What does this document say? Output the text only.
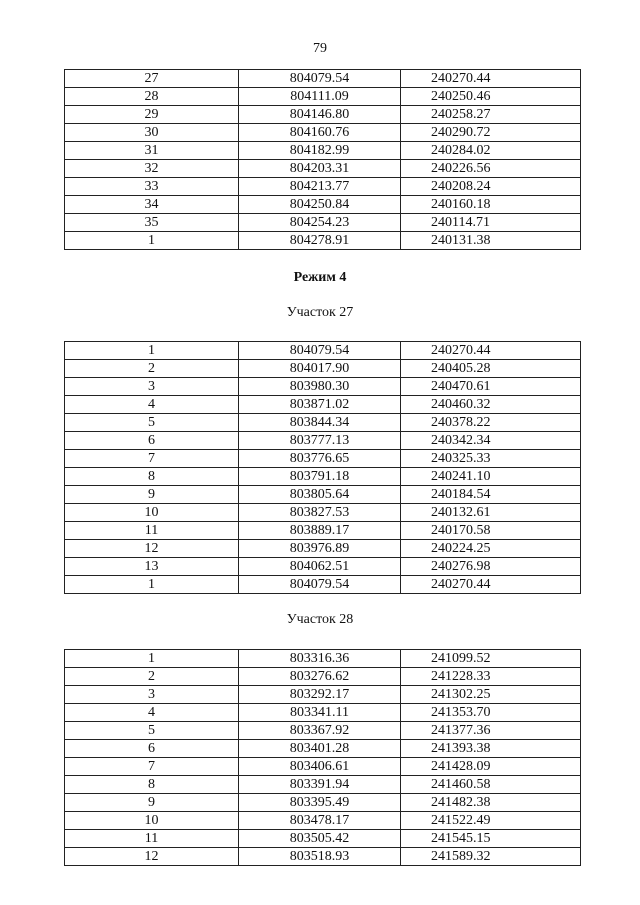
79
27	804079.54	240270.44
28	804111.09	240250.46
29	804146.80	240258.27
30	804160.76	240290.72
31	804182.99	240284.02
32	804203.31	240226.56
33	804213.77	240208.24
34	804250.84	240160.18
35	804254.23	240114.71
1	804278.91	240131.38
Режим 4
Участок 27
1	804079.54	240270.44
2	804017.90	240405.28
3	803980.30	240470.61
4	803871.02	240460.32
5	803844.34	240378.22
6	803777.13	240342.34
7	803776.65	240325.33
8	803791.18	240241.10
9	803805.64	240184.54
10	803827.53	240132.61
11	803889.17	240170.58
12	803976.89	240224.25
13	804062.51	240276.98
1	804079.54	240270.44
Участок 28
1	803316.36	241099.52
2	803276.62	241228.33
3	803292.17	241302.25
4	803341.11	241353.70
5	803367.92	241377.36
6	803401.28	241393.38
7	803406.61	241428.09
8	803391.94	241460.58
9	803395.49	241482.38
10	803478.17	241522.49
11	803505.42	241545.15
12	803518.93	241589.32
